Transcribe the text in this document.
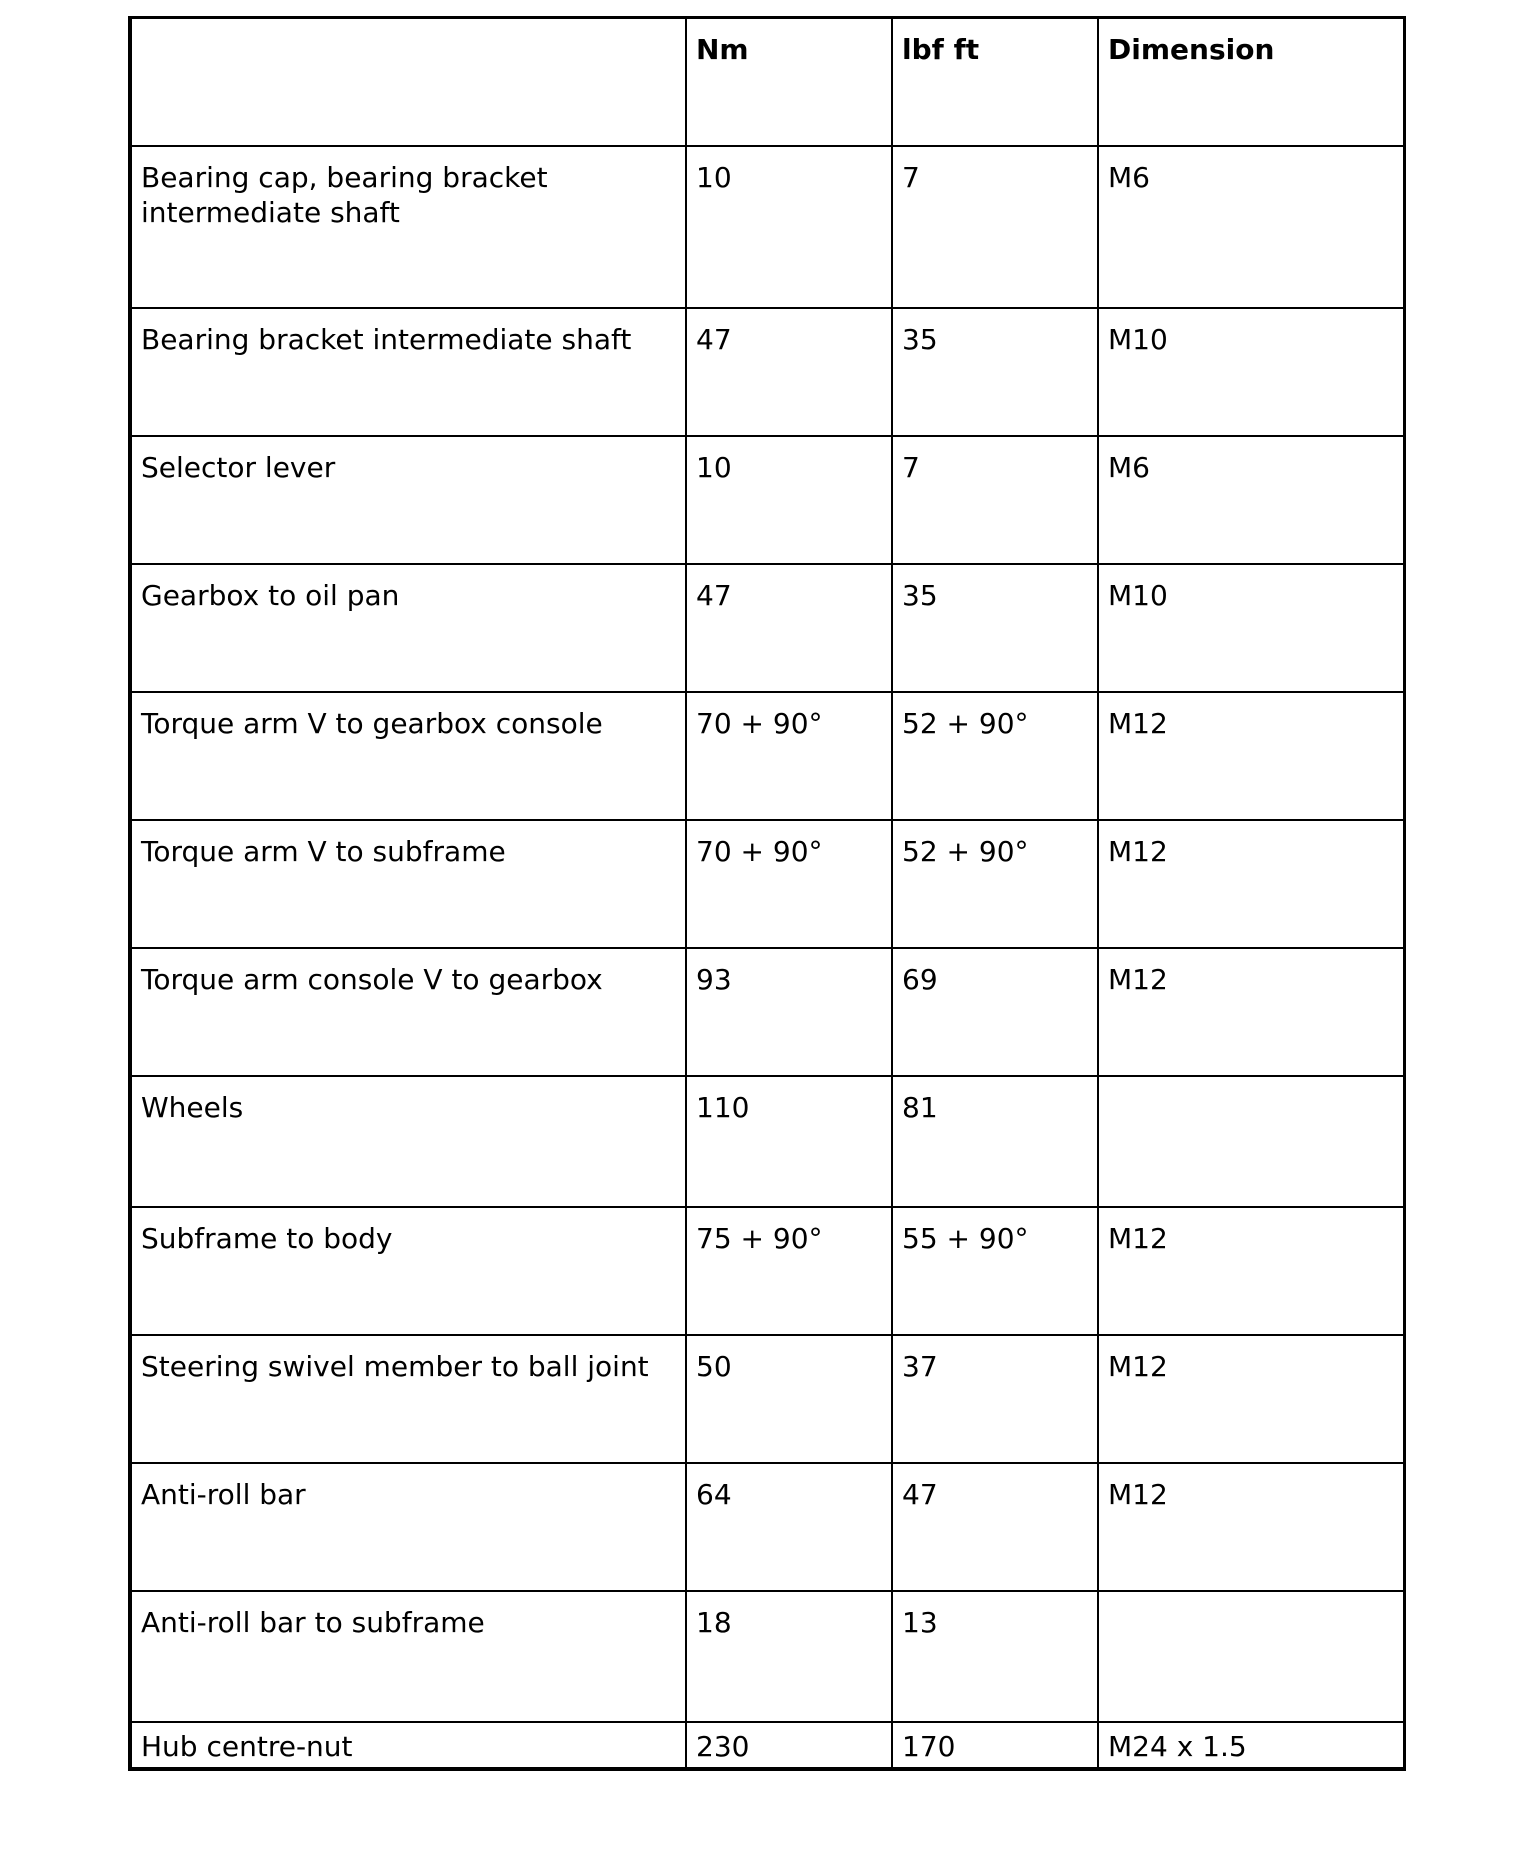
	Nm	lbf ft	Dimension
Bearing cap, bearing bracket intermediate shaft	10	7	M6
Bearing bracket intermediate shaft	47	35	M10
Selector lever	10	7	M6
Gearbox to oil pan	47	35	M10
Torque arm V to gearbox console	70 + 90°	52 + 90°	M12
Torque arm V to subframe	70 + 90°	52 + 90°	M12
Torque arm console V to gearbox	93	69	M12
Wheels	110	81	
Subframe to body	75 + 90°	55 + 90°	M12
Steering swivel member to ball joint	50	37	M12
Anti-roll bar	64	47	M12
Anti-roll bar to subframe	18	13	
Hub centre-nut	230	170	M24 x 1.5
